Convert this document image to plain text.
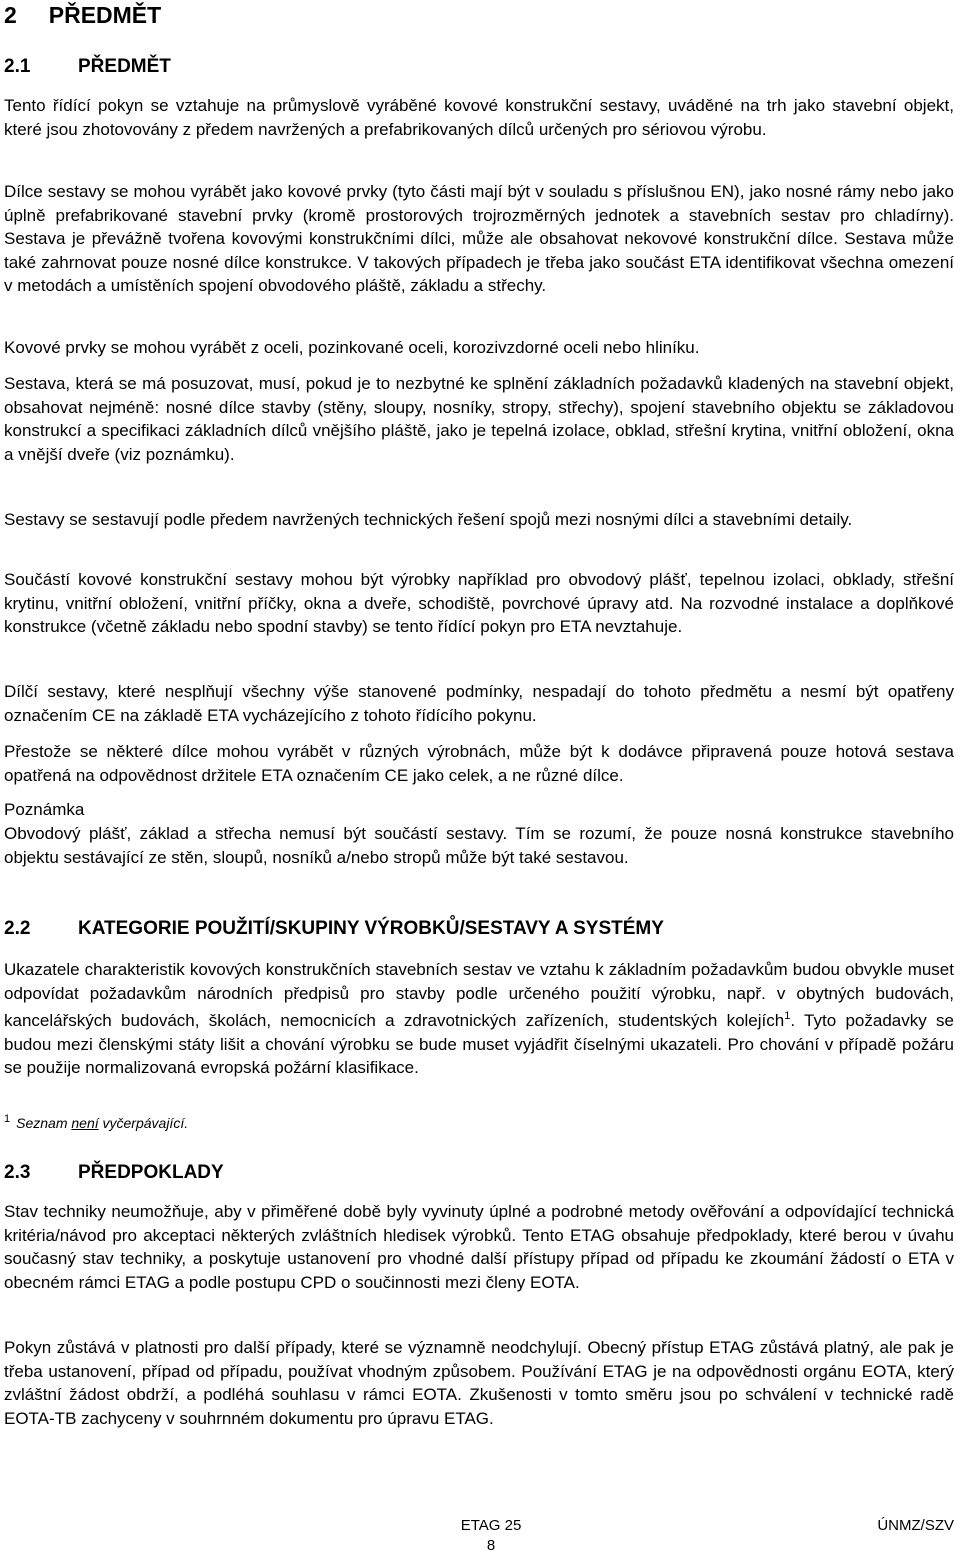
2 PŘEDMĚT
2.1	PŘEDMĚT

Tento řídící pokyn se vztahuje na průmyslově vyráběné kovové konstrukční sestavy, uváděné na trh jako stavební objekt, které jsou zhotovovány z předem navržených a prefabrikovaných dílců určených pro sériovou výrobu.

Dílce sestavy se mohou vyrábět jako kovové prvky (tyto části mají být v souladu s příslušnou EN), jako nosné rámy nebo jako úplně prefabrikované stavební prvky (kromě prostorových trojrozměrných jednotek a stavebních sestav pro chladírny). Sestava je převážně tvořena kovovými konstrukčními dílci, může ale obsahovat nekovové konstrukční dílce. Sestava může také zahrnovat pouze nosné dílce konstrukce. V takových případech je třeba jako součást ETA identifikovat všechna omezení v metodách a umístěních spojení obvodového pláště, základu a střechy.

Kovové prvky se mohou vyrábět z oceli, pozinkované oceli, korozivzdorné oceli nebo hliníku.

Sestava, která se má posuzovat, musí, pokud je to nezbytné ke splnění základních požadavků kladených na stavební objekt, obsahovat nejméně: nosné dílce stavby (stěny, sloupy, nosníky, stropy, střechy), spojení stavebního objektu se základovou konstrukcí a specifikaci základních dílců vnějšího pláště, jako je tepelná izolace, obklad, střešní krytina, vnitřní obložení, okna a vnější dveře (viz poznámku).

Sestavy se sestavují podle předem navržených technických řešení spojů mezi nosnými dílci a stavebními detaily.

Součástí kovové konstrukční sestavy mohou být výrobky například pro obvodový plášť, tepelnou izolaci, obklady, střešní krytinu, vnitřní obložení, vnitřní příčky, okna a dveře, schodiště, povrchové úpravy atd. Na rozvodné instalace a doplňkové konstrukce (včetně základu nebo spodní stavby) se tento řídící pokyn pro ETA nevztahuje.

Dílčí sestavy, které nesplňují všechny výše stanovené podmínky, nespadají do tohoto předmětu a nesmí být opatřeny označením CE na základě ETA vycházejícího z tohoto řídícího pokynu.

Přestože se některé dílce mohou vyrábět v různých výrobnách, může být k dodávce připravená pouze hotová sestava opatřená na odpovědnost držitele ETA označením CE jako celek, a ne různé dílce.

Poznámka

Obvodový plášť, základ a střecha nemusí být součástí sestavy. Tím se rozumí, že pouze nosná konstrukce stavebního objektu sestávající ze stěn, sloupů, nosníků a/nebo stropů může být také sestavou.

2.2	KATEGORIE POUŽITÍ/SKUPINY VÝROBKŮ/SESTAVY A SYSTÉMY

Ukazatele charakteristik kovových konstrukčních stavebních sestav ve vztahu k základním požadavkům budou obvykle muset odpovídat požadavkům národních předpisů pro stavby podle určeného použití výrobku, např. v obytných budovách, kancelářských budovách, školách, nemocnicích a zdravotnických zařízeních, studentských kolejích$^1$. Tyto požadavky se budou mezi členskými státy lišit a chování výrobku se bude muset vyjádřit číselnými ukazateli. Pro chování v případě požáru se použije normalizovaná evropská požární klasifikace.

$^1$ Seznam není vyčerpávající.
2.3	PŘEDPOKLADY

Stav techniky neumožňuje, aby v přiměřené době byly vyvinuty úplné a podrobné metody ověřování a odpovídající technická kritéria/návod pro akceptaci některých zvláštních hledisek výrobků. Tento ETAG obsahuje předpoklady, které berou v úvahu současný stav techniky, a poskytuje ustanovení pro vhodné další přístupy případ od případu ke zkoumání žádostí o ETA v obecném rámci ETAG a podle postupu CPD o součinnosti mezi členy EOTA.

Pokyn zůstává v platnosti pro další případy, které se významně neodchylují. Obecný přístup ETAG zůstává platný, ale pak je třeba ustanovení, případ od případu, používat vhodným způsobem. Používání ETAG je na odpovědnosti orgánu EOTA, který zvláštní žádost obdrží, a podléhá souhlasu v rámci EOTA. Zkušenosti v tomto směru jsou po schválení v technické radě EOTA-TB zachyceny v souhrnném dokumentu pro úpravu ETAG.

ETAG 25
8
ÚNMZ/SZV
